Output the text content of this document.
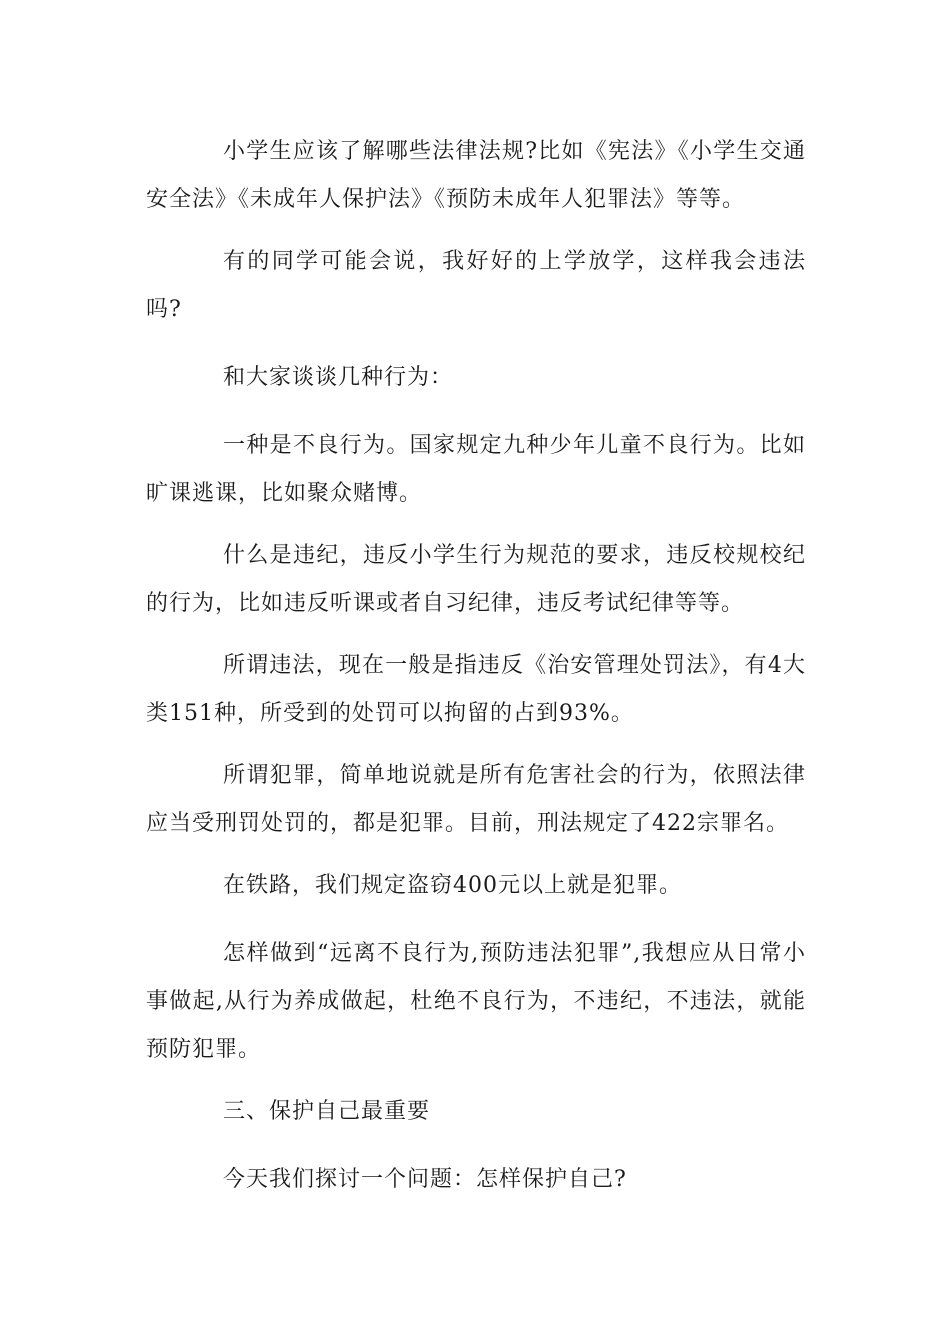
小学生应该了解哪些法律法规?比如《宪法》《小学生交通安全法》《未成年人保护法》《预防未成年人犯罪法》等等。

有的同学可能会说，我好好的上学放学，这样我会违法吗?

和大家谈谈几种行为：

一种是不良行为。国家规定九种少年儿童不良行为。比如旷课逃课，比如聚众赌博。

什么是违纪，违反小学生行为规范的要求，违反校规校纪的行为，比如违反听课或者自习纪律，违反考试纪律等等。

所谓违法，现在一般是指违反《治安管理处罚法》，有4大类151种，所受到的处罚可以拘留的占到93%。

所谓犯罪，简单地说就是所有危害社会的行为，依照法律应当受刑罚处罚的，都是犯罪。目前，刑法规定了422宗罪名。

在铁路，我们规定盗窃400元以上就是犯罪。

怎样做到“远离不良行为,预防违法犯罪”,我想应从日常小事做起,从行为养成做起，杜绝不良行为，不违纪，不违法，就能预防犯罪。

三、保护自己最重要

今天我们探讨一个问题：怎样保护自己?
